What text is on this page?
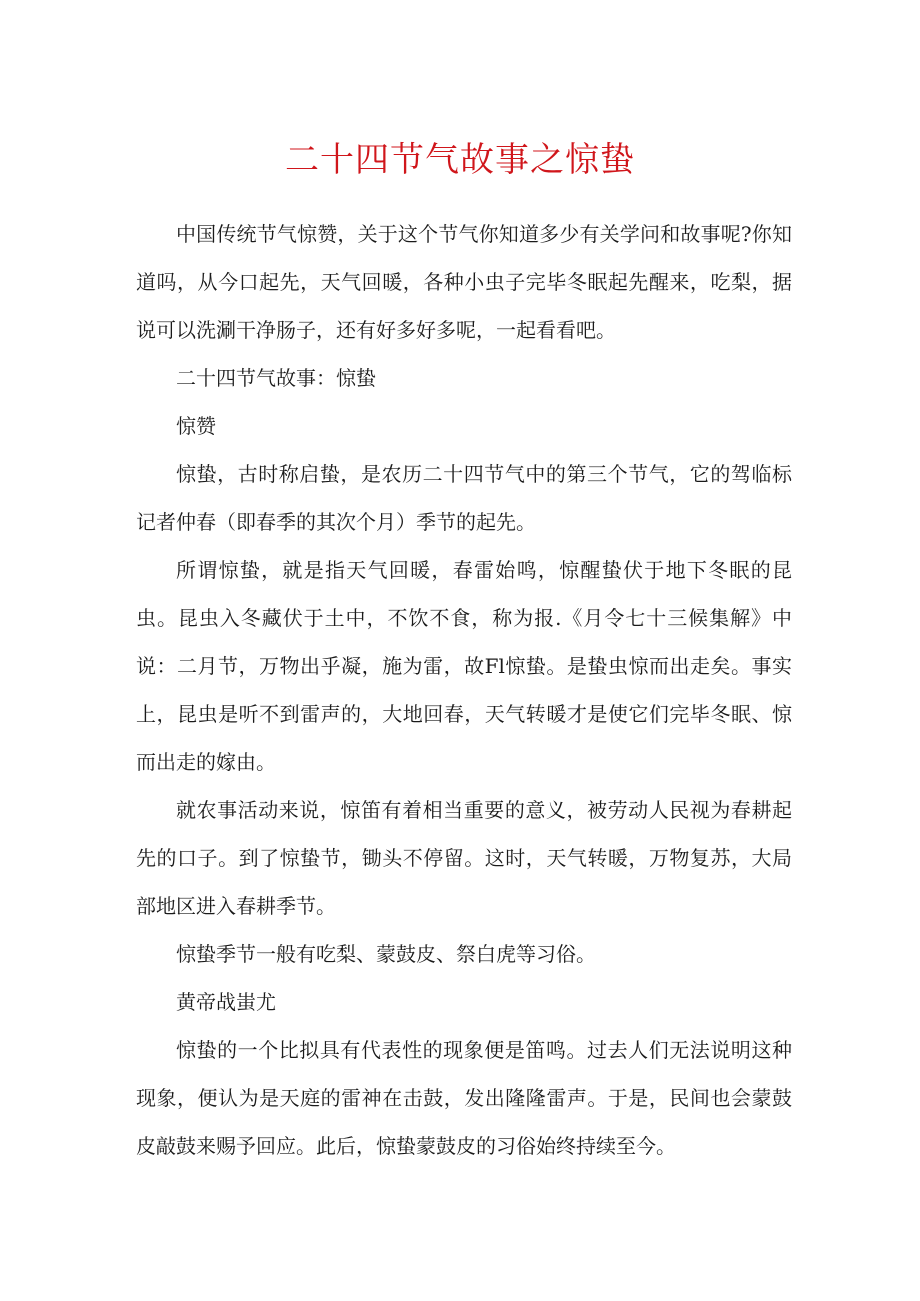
二十四节气故事之惊蛰

中国传统节气惊赞，关于这个节气你知道多少有关学问和故事呢?你知道吗，从今口起先，天气回暖，各种小虫子完毕冬眠起先醒来，吃梨，据说可以洗涮干净肠子，还有好多好多呢，一起看看吧。

二十四节气故事：惊蛰

惊赞

惊蛰，古时称启蛰，是农历二十四节气中的第三个节气，它的驾临标记者仲春（即春季的其次个月）季节的起先。

所谓惊蛰，就是指天气回暖，春雷始鸣，惊醒蛰伏于地下冬眠的昆虫。昆虫入冬藏伏于土中，不饮不食，称为报.《月令七十三候集解》中说：二月节，万物出乎凝，施为雷，故Fl惊蛰。是蛰虫惊而出走矣。事实上，昆虫是听不到雷声的，大地回春，天气转暖才是使它们完毕冬眠、惊而出走的嫁由。

就农事活动来说，惊笛有着相当重要的意义，被劳动人民视为春耕起先的口子。到了惊蛰节，锄头不停留。这时，天气转暖，万物复苏，大局部地区进入春耕季节。

惊蛰季节一般有吃梨、蒙鼓皮、祭白虎等习俗。

黄帝战蚩尤

惊蛰的一个比拟具有代表性的现象便是笛鸣。过去人们无法说明这种现象，便认为是天庭的雷神在击鼓，发出隆隆雷声。于是，民间也会蒙鼓皮敲鼓来赐予回应。此后，惊蛰蒙鼓皮的习俗始终持续至今。
